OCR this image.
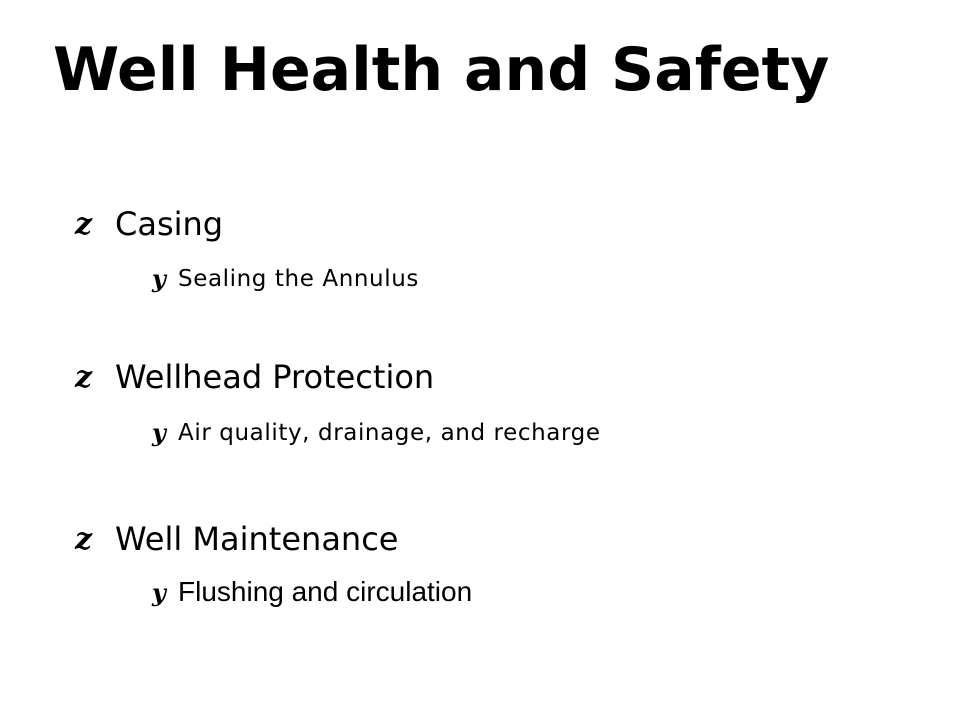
Well Health and Safety
z Casing
y Sealing the Annulus
z Wellhead Protection
y Air quality, drainage, and recharge
z Well Maintenance
y Flushing and circulation
